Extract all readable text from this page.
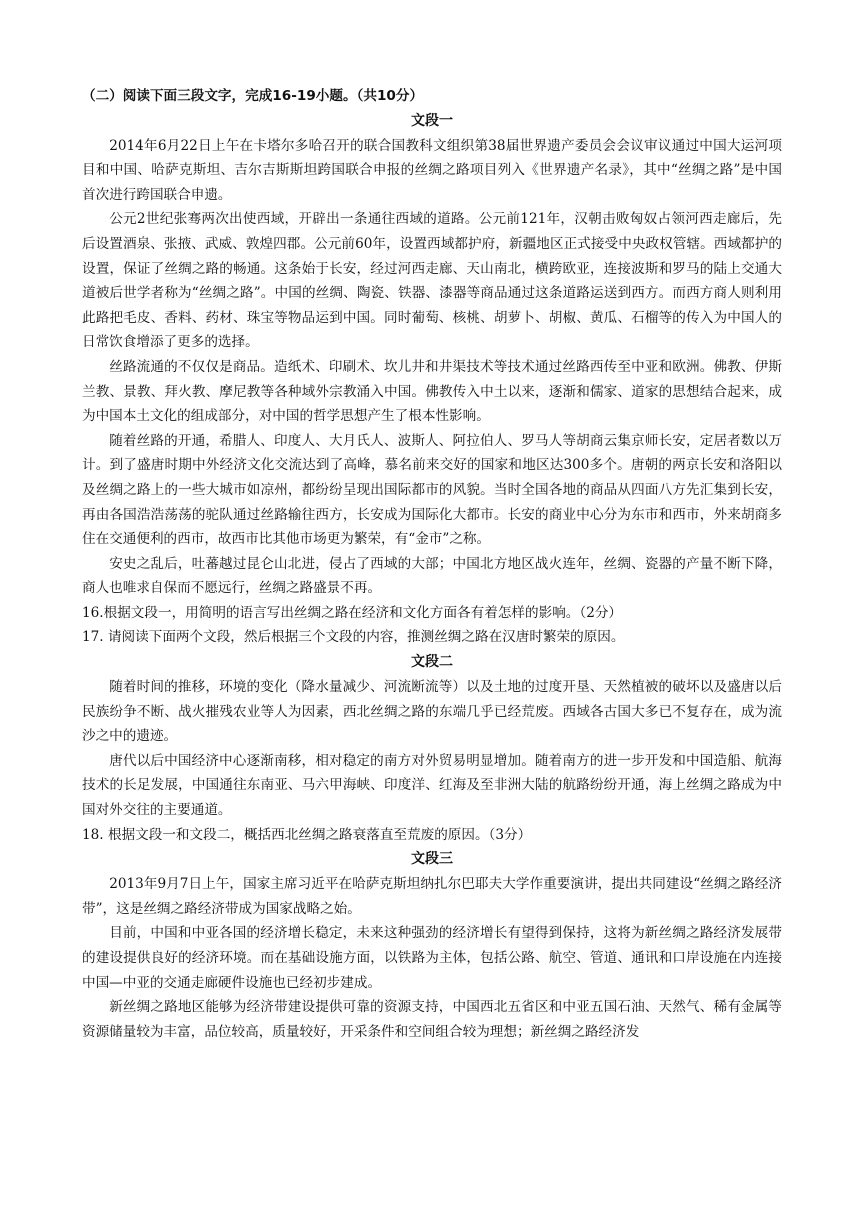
（二）阅读下面三段文字，完成16-19小题。（共10分）

文段一

2014年6月22日上午在卡塔尔多哈召开的联合国教科文组织第38届世界遗产委员会会议审议通过中国大运河项目和中国、哈萨克斯坦、吉尔吉斯斯坦跨国联合申报的丝绸之路项目列入《世界遗产名录》，其中“丝绸之路”是中国首次进行跨国联合申遗。

公元2世纪张骞两次出使西域，开辟出一条通往西域的道路。公元前121年，汉朝击败匈奴占领河西走廊后，先后设置酒泉、张掖、武威、敦煌四郡。公元前60年，设置西域都护府，新疆地区正式接受中央政权管辖。西域都护的设置，保证了丝绸之路的畅通。这条始于长安，经过河西走廊、天山南北，横跨欧亚，连接波斯和罗马的陆上交通大道被后世学者称为“丝绸之路”。中国的丝绸、陶瓷、铁器、漆器等商品通过这条道路运送到西方。而西方商人则利用此路把毛皮、香料、药材、珠宝等物品运到中国。同时葡萄、核桃、胡萝卜、胡椒、黄瓜、石榴等的传入为中国人的日常饮食增添了更多的选择。

丝路流通的不仅仅是商品。造纸术、印刷术、坎儿井和井渠技术等技术通过丝路西传至中亚和欧洲。佛教、伊斯兰教、景教、拜火教、摩尼教等各种域外宗教涌入中国。佛教传入中土以来，逐渐和儒家、道家的思想结合起来，成为中国本土文化的组成部分，对中国的哲学思想产生了根本性影响。

随着丝路的开通，希腊人、印度人、大月氏人、波斯人、阿拉伯人、罗马人等胡商云集京师长安，定居者数以万计。到了盛唐时期中外经济文化交流达到了高峰，慕名前来交好的国家和地区达300多个。唐朝的两京长安和洛阳以及丝绸之路上的一些大城市如凉州，都纷纷呈现出国际都市的风貌。当时全国各地的商品从四面八方先汇集到长安，再由各国浩浩荡荡的驼队通过丝路输往西方，长安成为国际化大都市。长安的商业中心分为东市和西市，外来胡商多住在交通便利的西市，故西市比其他市场更为繁荣，有“金市”之称。

安史之乱后，吐蕃越过昆仑山北进，侵占了西域的大部；中国北方地区战火连年，丝绸、瓷器的产量不断下降，商人也唯求自保而不愿远行，丝绸之路盛景不再。

16.根据文段一，用简明的语言写出丝绸之路在经济和文化方面各有着怎样的影响。（2分）

17. 请阅读下面两个文段，然后根据三个文段的内容，推测丝绸之路在汉唐时繁荣的原因。

文段二

随着时间的推移，环境的变化（降水量减少、河流断流等）以及土地的过度开垦、天然植被的破坏以及盛唐以后民族纷争不断、战火摧残农业等人为因素，西北丝绸之路的东端几乎已经荒废。西域各古国大多已不复存在，成为流沙之中的遗迹。

唐代以后中国经济中心逐渐南移，相对稳定的南方对外贸易明显增加。随着南方的进一步开发和中国造船、航海技术的长足发展，中国通往东南亚、马六甲海峡、印度洋、红海及至非洲大陆的航路纷纷开通，海上丝绸之路成为中国对外交往的主要通道。

18. 根据文段一和文段二，概括西北丝绸之路衰落直至荒废的原因。（3分）

文段三

2013年9月7日上午，国家主席习近平在哈萨克斯坦纳扎尔巴耶夫大学作重要演讲，提出共同建设“丝绸之路经济带”，这是丝绸之路经济带成为国家战略之始。

目前，中国和中亚各国的经济增长稳定，未来这种强劲的经济增长有望得到保持，这将为新丝绸之路经济发展带的建设提供良好的经济环境。而在基础设施方面，以铁路为主体，包括公路、航空、管道、通讯和口岸设施在内连接中国—中亚的交通走廊硬件设施也已经初步建成。

新丝绸之路地区能够为经济带建设提供可靠的资源支持，中国西北五省区和中亚五国石油、天然气、稀有金属等资源储量较为丰富，品位较高，质量较好，开采条件和空间组合较为理想；新丝绸之路经济发
